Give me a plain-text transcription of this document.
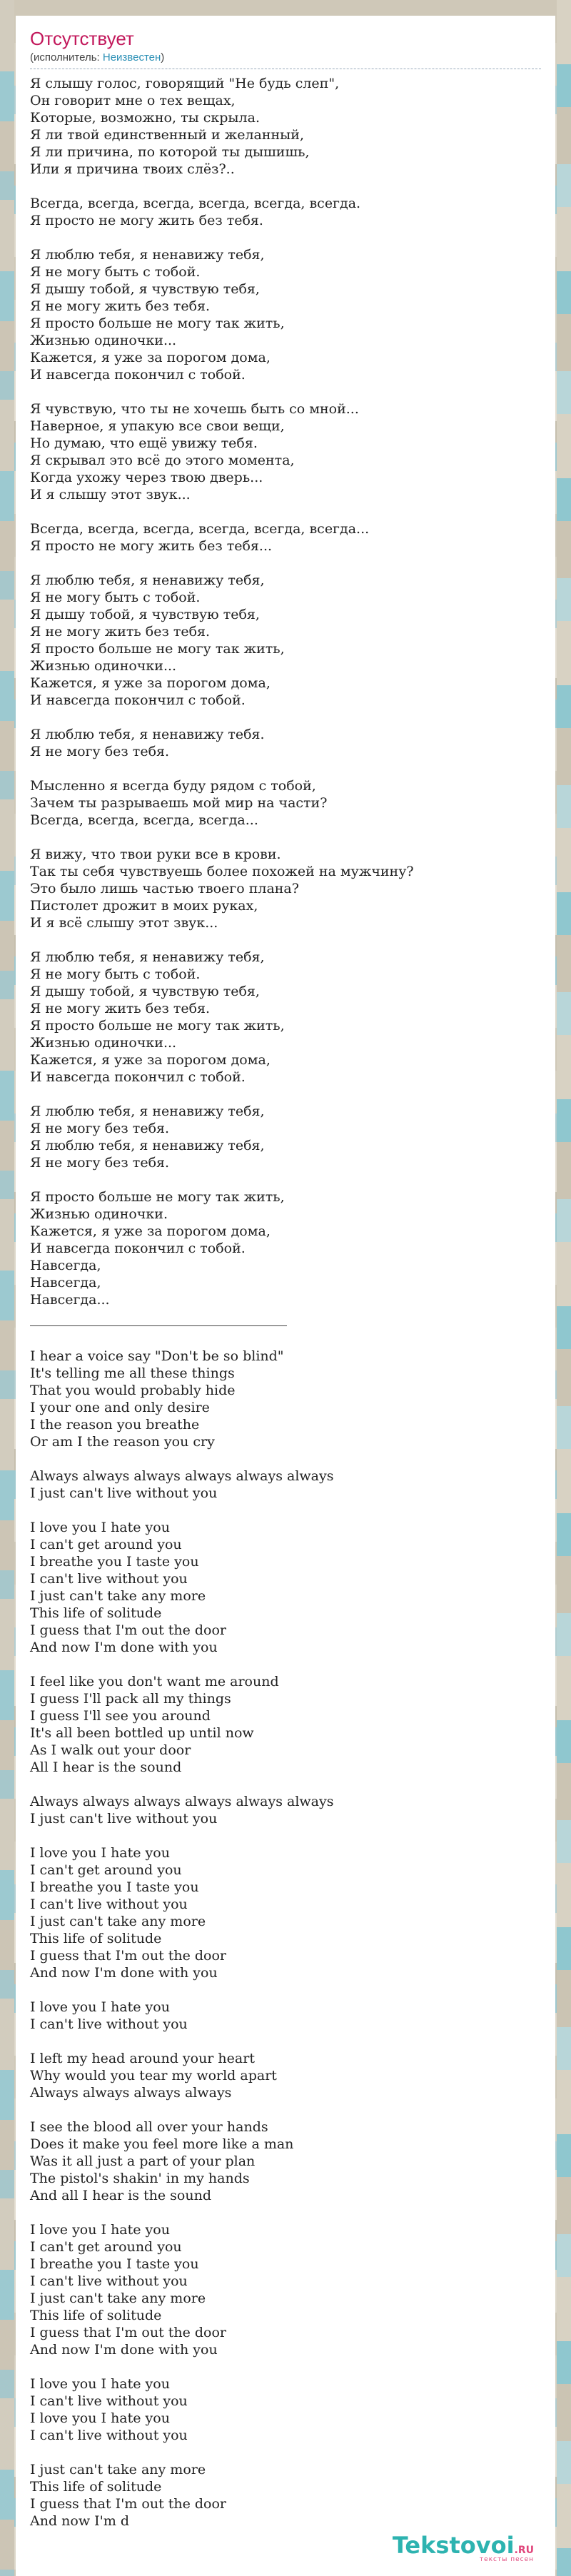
Отсутствует
(исполнитель: Неизвестен)
Я слышу голос, говорящий "Не будь слеп",
Он говорит мне о тех вещах,
Которые, возможно, ты скрыла.
Я ли твой единственный и желанный,
Я ли причина, по которой ты дышишь,
Или я причина твоих слёз?..
Всегда, всегда, всегда, всегда, всегда, всегда.
Я просто не могу жить без тебя.
Я люблю тебя, я ненавижу тебя,
Я не могу быть с тобой.
Я дышу тобой, я чувствую тебя,
Я не могу жить без тебя.
Я просто больше не могу так жить,
Жизнью одиночки...
Кажется, я уже за порогом дома,
И навсегда покончил с тобой.
Я чувствую, что ты не хочешь быть со мной...
Наверное, я упакую все свои вещи,
Но думаю, что ещё увижу тебя.
Я скрывал это всё до этого момента,
Когда ухожу через твою дверь...
И я слышу этот звук...
Всегда, всегда, всегда, всегда, всегда, всегда...
Я просто не могу жить без тебя...
Я люблю тебя, я ненавижу тебя,
Я не могу быть с тобой.
Я дышу тобой, я чувствую тебя,
Я не могу жить без тебя.
Я просто больше не могу так жить,
Жизнью одиночки...
Кажется, я уже за порогом дома,
И навсегда покончил с тобой.
Я люблю тебя, я ненавижу тебя.
Я не могу без тебя.
Мысленно я всегда буду рядом с тобой,
Зачем ты разрываешь мой мир на части?
Всегда, всегда, всегда, всегда...
Я вижу, что твои руки все в крови.
Так ты себя чувствуешь более похожей на мужчину?
Это было лишь частью твоего плана?
Пистолет дрожит в моих руках,
И я всё слышу этот звук...
Я люблю тебя, я ненавижу тебя,
Я не могу быть с тобой.
Я дышу тобой, я чувствую тебя,
Я не могу жить без тебя.
Я просто больше не могу так жить,
Жизнью одиночки...
Кажется, я уже за порогом дома,
И навсегда покончил с тобой.
Я люблю тебя, я ненавижу тебя,
Я не могу без тебя.
Я люблю тебя, я ненавижу тебя,
Я не могу без тебя.
Я просто больше не могу так жить,
Жизнью одиночки.
Кажется, я уже за порогом дома,
И навсегда покончил с тобой.
Навсегда,
Навсегда,
Навсегда...
I hear a voice say "Don't be so blind"
It's telling me all these things
That you would probably hide
I your one and only desire
I the reason you breathe
Or am I the reason you cry
Always always always always always always
I just can't live without you
I love you I hate you
I can't get around you
I breathe you I taste you
I can't live without you
I just can't take any more
This life of solitude
I guess that I'm out the door
And now I'm done with you
I feel like you don't want me around
I guess I'll pack all my things
I guess I'll see you around
It's all been bottled up until now
As I walk out your door
All I hear is the sound
Always always always always always always
I just can't live without you
I love you I hate you
I can't get around you
I breathe you I taste you
I can't live without you
I just can't take any more
This life of solitude
I guess that I'm out the door
And now I'm done with you
I love you I hate you
I can't live without you
I left my head around your heart
Why would you tear my world apart
Always always always always
I see the blood all over your hands
Does it make you feel more like a man
Was it all just a part of your plan
The pistol's shakin' in my hands
And all I hear is the sound
I love you I hate you
I can't get around you
I breathe you I taste you
I can't live without you
I just can't take any more
This life of solitude
I guess that I'm out the door
And now I'm done with you
I love you I hate you
I can't live without you
I love you I hate you
I can't live without you
I just can't take any more
This life of solitude
I guess that I'm out the door
And now I'm d
Tekstovoi.RU
тексты песен
